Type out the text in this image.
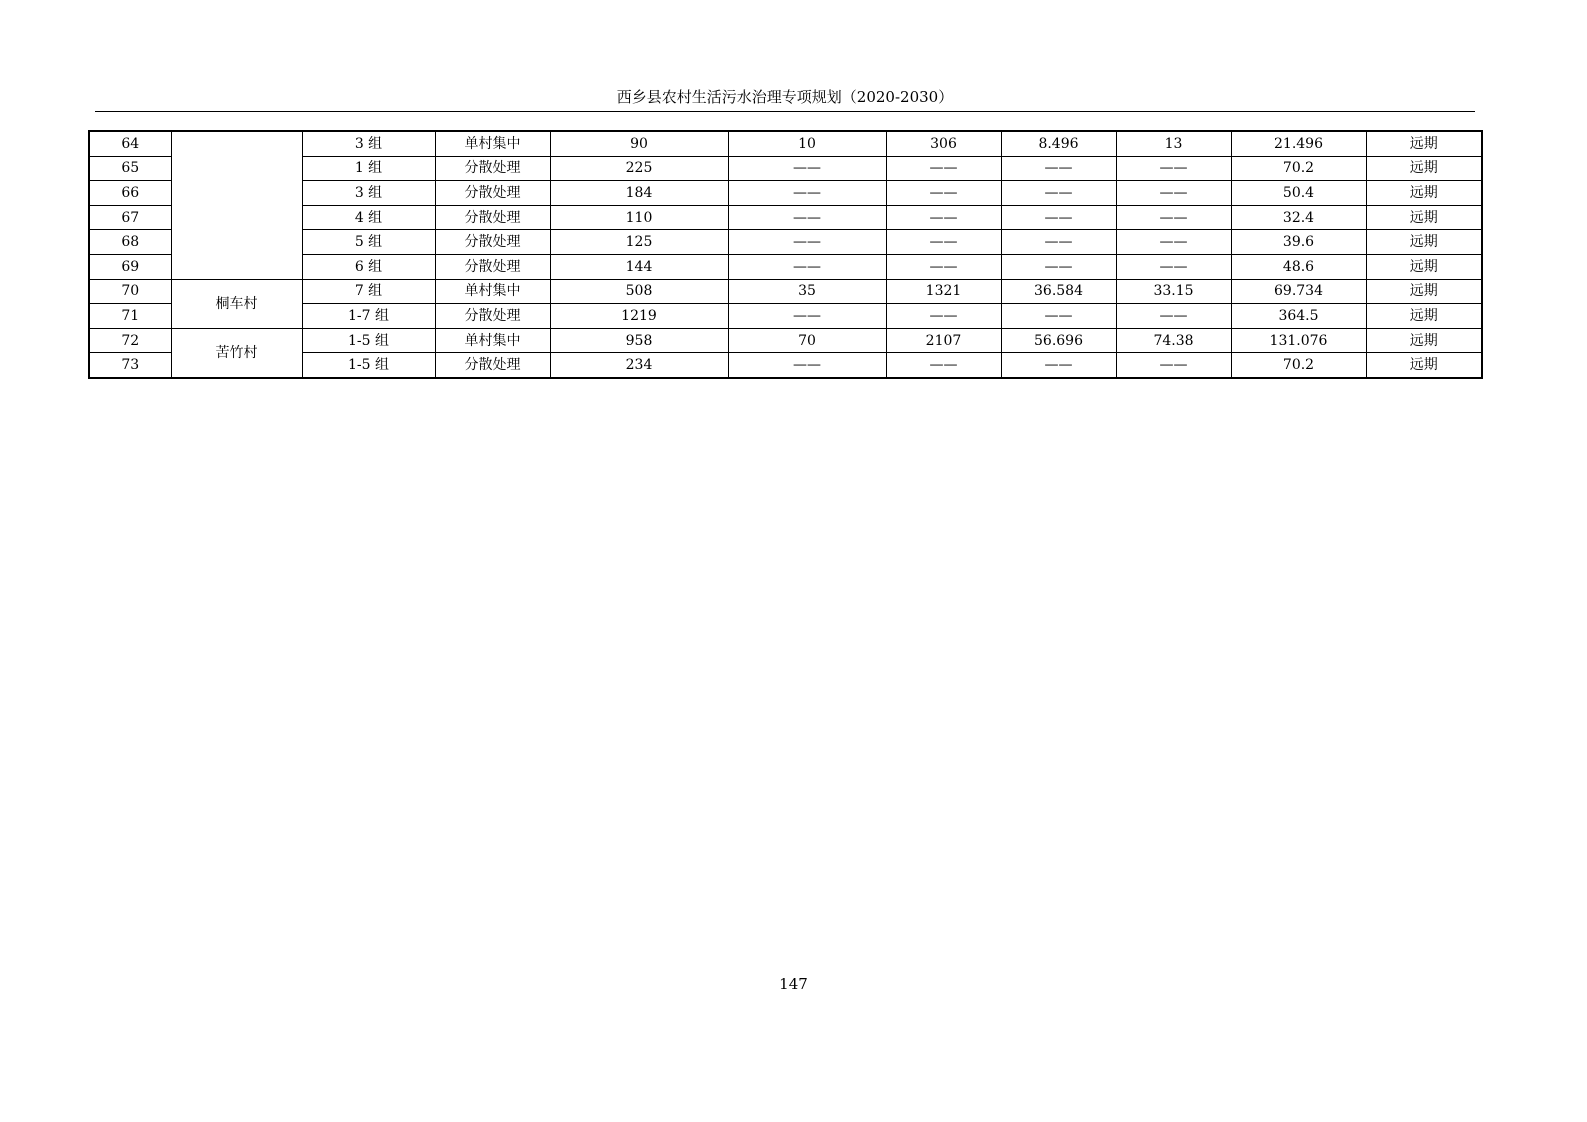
西乡县农村生活污水治理专项规划（2020-2030）
64		3 组	单村集中	90	10	306	8.496	13	21.496	远期
65		1 组	分散处理	225	——	——	——	——	70.2	远期
66		3 组	分散处理	184	——	——	——	——	50.4	远期
67		4 组	分散处理	110	——	——	——	——	32.4	远期
68		5 组	分散处理	125	——	——	——	——	39.6	远期
69		6 组	分散处理	144	——	——	——	——	48.6	远期
70	桐车村	7 组	单村集中	508	35	1321	36.584	33.15	69.734	远期
71		1-7 组	分散处理	1219	——	——	——	——	364.5	远期
72	苦竹村	1-5 组	单村集中	958	70	2107	56.696	74.38	131.076	远期
73		1-5 组	分散处理	234	——	——	——	——	70.2	远期
147
